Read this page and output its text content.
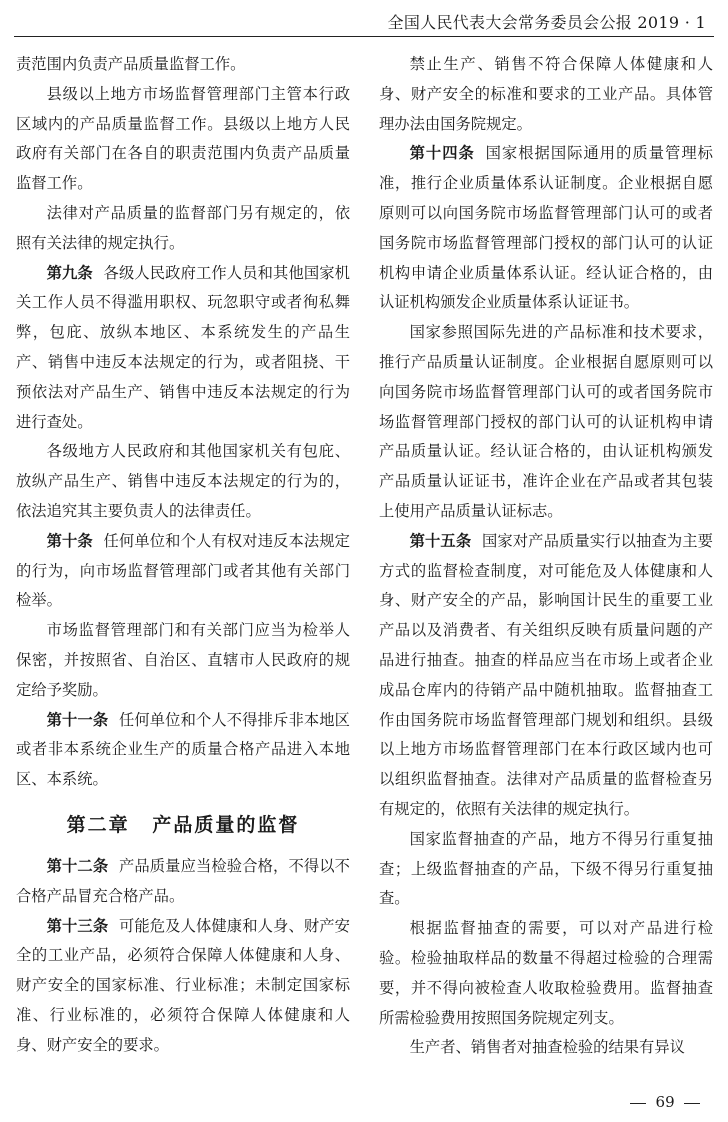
全国人民代表大会常务委员会公报 2019 · 1

责范围内负责产品质量监督工作。

县级以上地方市场监督管理部门主管本行政区域内的产品质量监督工作。县级以上地方人民政府有关部门在各自的职责范围内负责产品质量监督工作。

法律对产品质量的监督部门另有规定的，依照有关法律的规定执行。

第九条 各级人民政府工作人员和其他国家机关工作人员不得滥用职权、玩忽职守或者徇私舞弊，包庇、放纵本地区、本系统发生的产品生产、销售中违反本法规定的行为，或者阻挠、干预依法对产品生产、销售中违反本法规定的行为进行查处。

各级地方人民政府和其他国家机关有包庇、放纵产品生产、销售中违反本法规定的行为的，依法追究其主要负责人的法律责任。

第十条 任何单位和个人有权对违反本法规定的行为，向市场监督管理部门或者其他有关部门检举。

市场监督管理部门和有关部门应当为检举人保密，并按照省、自治区、直辖市人民政府的规定给予奖励。

第十一条 任何单位和个人不得排斥非本地区或者非本系统企业生产的质量合格产品进入本地区、本系统。

第二章 产品质量的监督

第十二条 产品质量应当检验合格，不得以不合格产品冒充合格产品。

第十三条 可能危及人体健康和人身、财产安全的工业产品，必须符合保障人体健康和人身、财产安全的国家标准、行业标准；未制定国家标准、行业标准的，必须符合保障人体健康和人身、财产安全的要求。

禁止生产、销售不符合保障人体健康和人身、财产安全的标准和要求的工业产品。具体管理办法由国务院规定。

第十四条 国家根据国际通用的质量管理标准，推行企业质量体系认证制度。企业根据自愿原则可以向国务院市场监督管理部门认可的或者国务院市场监督管理部门授权的部门认可的认证机构申请企业质量体系认证。经认证合格的，由认证机构颁发企业质量体系认证证书。

国家参照国际先进的产品标准和技术要求，推行产品质量认证制度。企业根据自愿原则可以向国务院市场监督管理部门认可的或者国务院市场监督管理部门授权的部门认可的认证机构申请产品质量认证。经认证合格的，由认证机构颁发产品质量认证证书，准许企业在产品或者其包装上使用产品质量认证标志。

第十五条 国家对产品质量实行以抽查为主要方式的监督检查制度，对可能危及人体健康和人身、财产安全的产品，影响国计民生的重要工业产品以及消费者、有关组织反映有质量问题的产品进行抽查。抽查的样品应当在市场上或者企业成品仓库内的待销产品中随机抽取。监督抽查工作由国务院市场监督管理部门规划和组织。县级以上地方市场监督管理部门在本行政区域内也可以组织监督抽查。法律对产品质量的监督检查另有规定的，依照有关法律的规定执行。

国家监督抽查的产品，地方不得另行重复抽查；上级监督抽查的产品，下级不得另行重复抽查。

根据监督抽查的需要，可以对产品进行检验。检验抽取样品的数量不得超过检验的合理需要，并不得向被检查人收取检验费用。监督抽查所需检验费用按照国务院规定列支。

生产者、销售者对抽查检验的结果有异议

69
